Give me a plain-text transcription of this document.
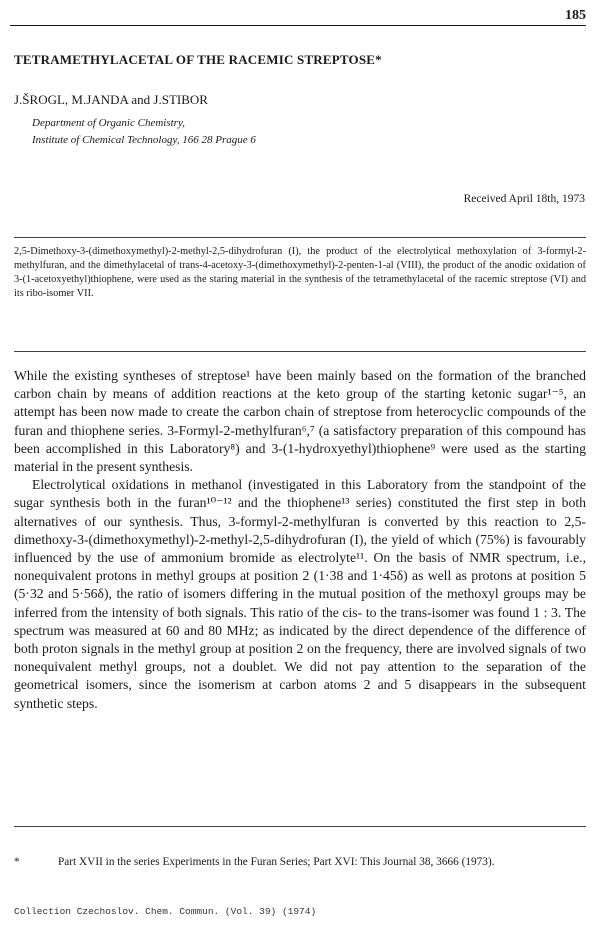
185
TETRAMETHYLACETAL OF THE RACEMIC STREPTOSE*
J.ŠROGL, M.JANDA and J.STIBOR
Department of Organic Chemistry,
Institute of Chemical Technology, 166 28 Prague 6
Received April 18th, 1973
2,5-Dimethoxy-3-(dimethoxymethyl)-2-methyl-2,5-dihydrofuran (I), the product of the electrolytical methoxylation of 3-formyl-2-methylfuran, and the dimethylacetal of trans-4-acetoxy-3-(dimethoxymethyl)-2-penten-1-al (VIII), the product of the anodic oxidation of 3-(1-acetoxyethyl)thiophene, were used as the staring material in the synthesis of the tetramethylacetal of the racemic streptose (VI) and its ribo-isomer VII.

While the existing syntheses of streptose¹ have been mainly based on the formation of the branched carbon chain by means of addition reactions at the keto group of the starting ketonic sugar¹⁻⁵, an attempt has been now made to create the carbon chain of streptose from heterocyclic compounds of the furan and thiophene series. 3-Formyl-2-methylfuran⁶,⁷ (a satisfactory preparation of this compound has been accomplished in this Laboratory⁸) and 3-(1-hydroxyethyl)thiophene⁹ were used as the starting material in the present synthesis.

Electrolytical oxidations in methanol (investigated in this Laboratory from the standpoint of the sugar synthesis both in the furan¹⁰⁻¹² and the thiophene¹³ series) constituted the first step in both alternatives of our synthesis. Thus, 3-formyl-2-methylfuran is converted by this reaction to 2,5-dimethoxy-3-(dimethoxymethyl)-2-methyl-2,5-dihydrofuran (I), the yield of which (75%) is favourably influenced by the use of ammonium bromide as electrolyte¹¹. On the basis of NMR spectrum, i.e., nonequivalent protons in methyl groups at position 2 (1·38 and 1·45δ) as well as protons at position 5 (5·32 and 5·56δ), the ratio of isomers differing in the mutual position of the methoxyl groups may be inferred from the intensity of both signals. This ratio of the cis- to the trans-isomer was found 1 : 3. The spectrum was measured at 60 and 80 MHz; as indicated by the direct dependence of the difference of both proton signals in the methyl group at position 2 on the frequency, there are involved signals of two nonequivalent methyl groups, not a doublet. We did not pay attention to the separation of the geometrical isomers, since the isomerism at carbon atoms 2 and 5 disappears in the subsequent synthetic steps.

*	Part XVII in the series Experiments in the Furan Series; Part XVI: This Journal 38, 3666 (1973).
Collection Czechoslov. Chem. Commun. (Vol. 39) (1974)
